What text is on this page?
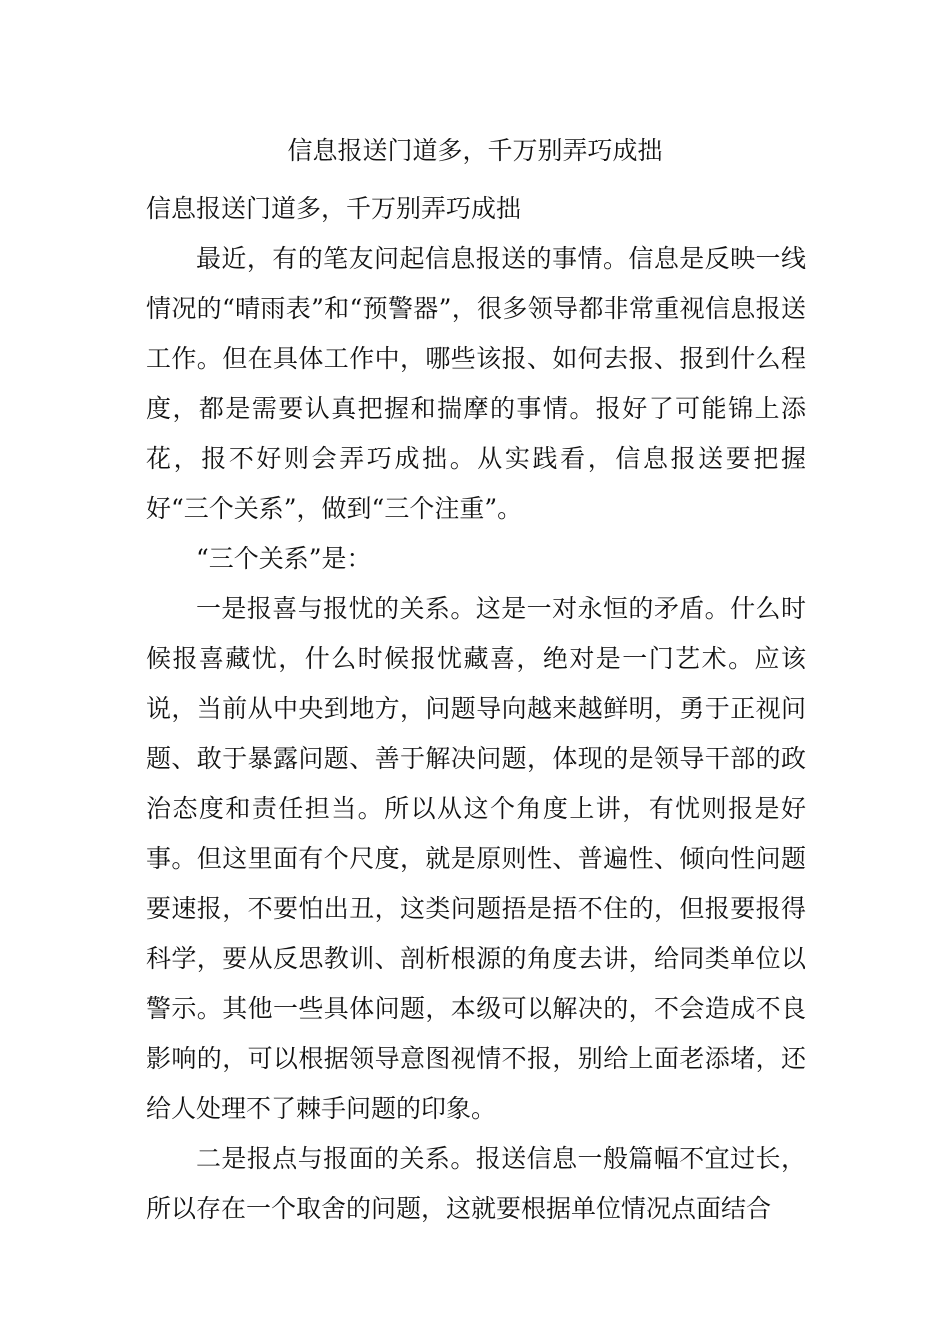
信息报送门道多，千万别弄巧成拙

信息报送门道多，千万别弄巧成拙

最近，有的笔友问起信息报送的事情。信息是反映一线情况的“晴雨表”和“预警器”，很多领导都非常重视信息报送工作。但在具体工作中，哪些该报、如何去报、报到什么程度，都是需要认真把握和揣摩的事情。报好了可能锦上添花，报不好则会弄巧成拙。从实践看，信息报送要把握好“三个关系”，做到“三个注重”。

“三个关系”是：

一是报喜与报忧的关系。这是一对永恒的矛盾。什么时候报喜藏忧，什么时候报忧藏喜，绝对是一门艺术。应该说，当前从中央到地方，问题导向越来越鲜明，勇于正视问题、敢于暴露问题、善于解决问题，体现的是领导干部的政治态度和责任担当。所以从这个角度上讲，有忧则报是好事。但这里面有个尺度，就是原则性、普遍性、倾向性问题要速报，不要怕出丑，这类问题捂是捂不住的，但报要报得科学，要从反思教训、剖析根源的角度去讲，给同类单位以警示。其他一些具体问题，本级可以解决的，不会造成不良影响的，可以根据领导意图视情不报，别给上面老添堵，还给人处理不了棘手问题的印象。

二是报点与报面的关系。报送信息一般篇幅不宜过长，所以存在一个取舍的问题，这就要根据单位情况点面结合
